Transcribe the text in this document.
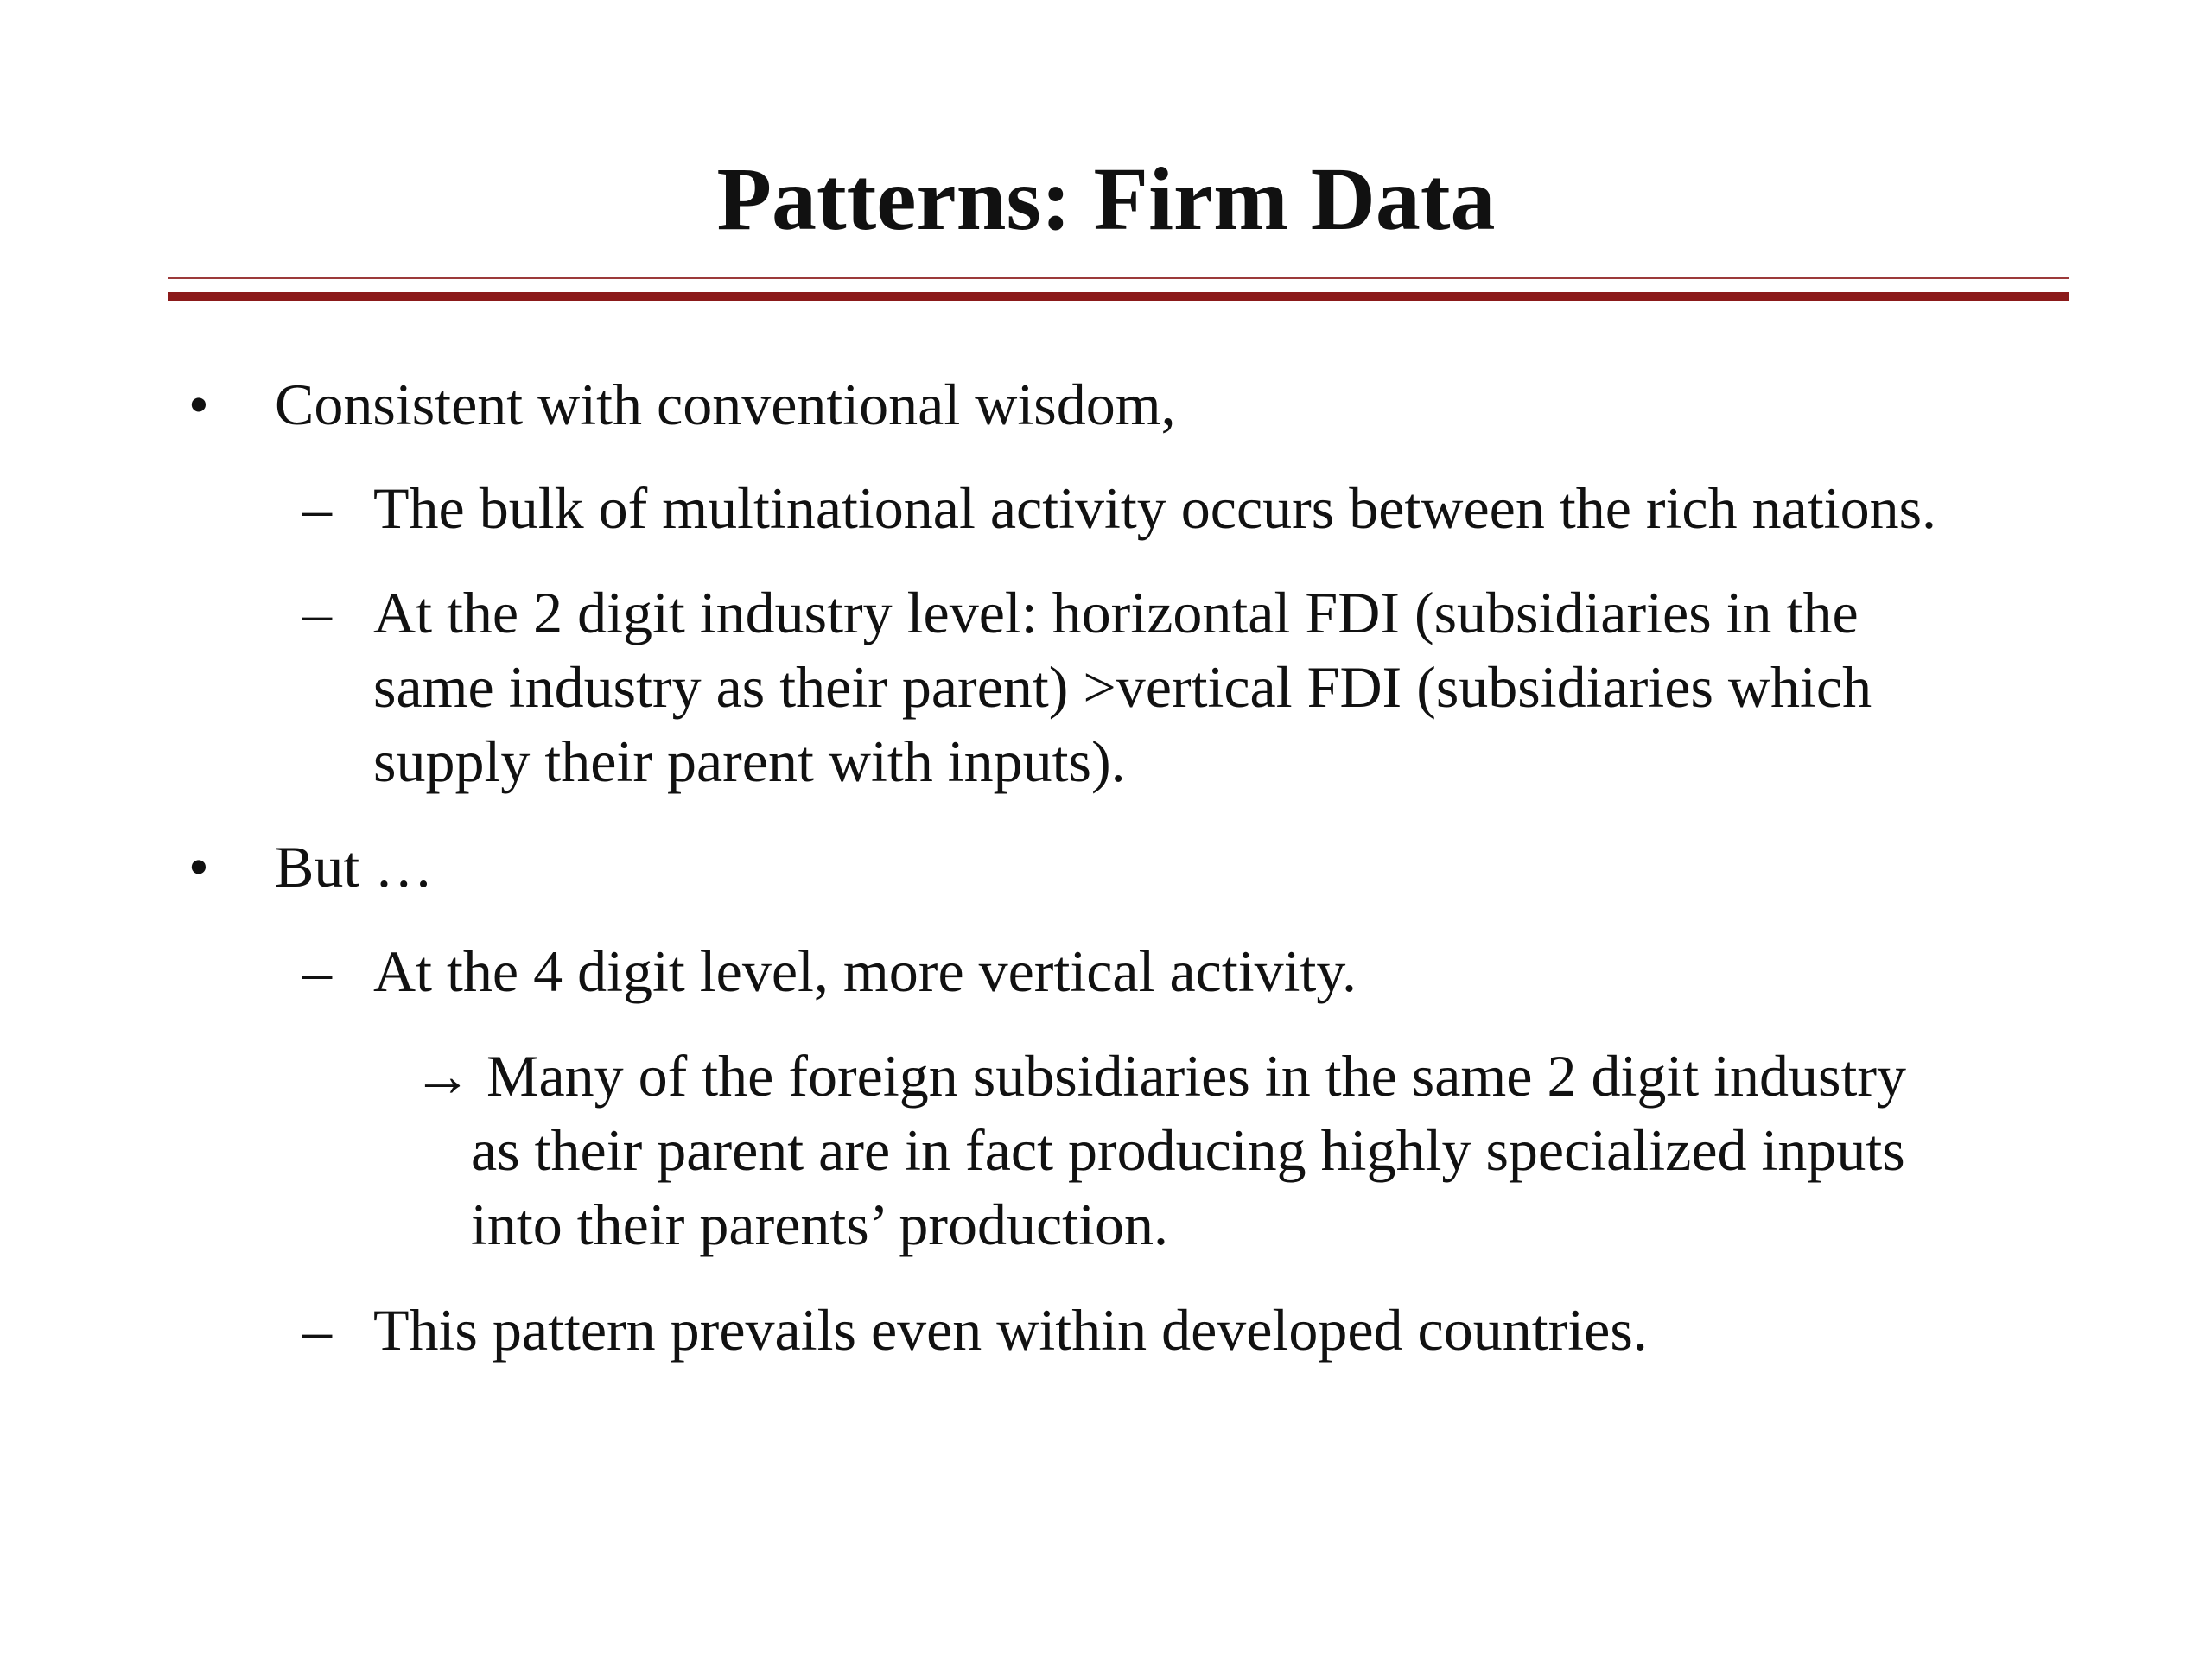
Patterns: Firm Data
• Consistent with conventional wisdom,
– The bulk of multinational activity occurs between the rich nations.
– At the 2 digit industry level: horizontal FDI (subsidiaries in the
same industry as their parent) >vertical FDI (subsidiaries which
supply their parent with inputs).
• But …
– At the 4 digit level, more vertical activity.
→ Many of the foreign subsidiaries in the same 2 digit industry
as their parent are in fact producing highly specialized inputs
into their parents’ production.
– This pattern prevails even within developed countries.
